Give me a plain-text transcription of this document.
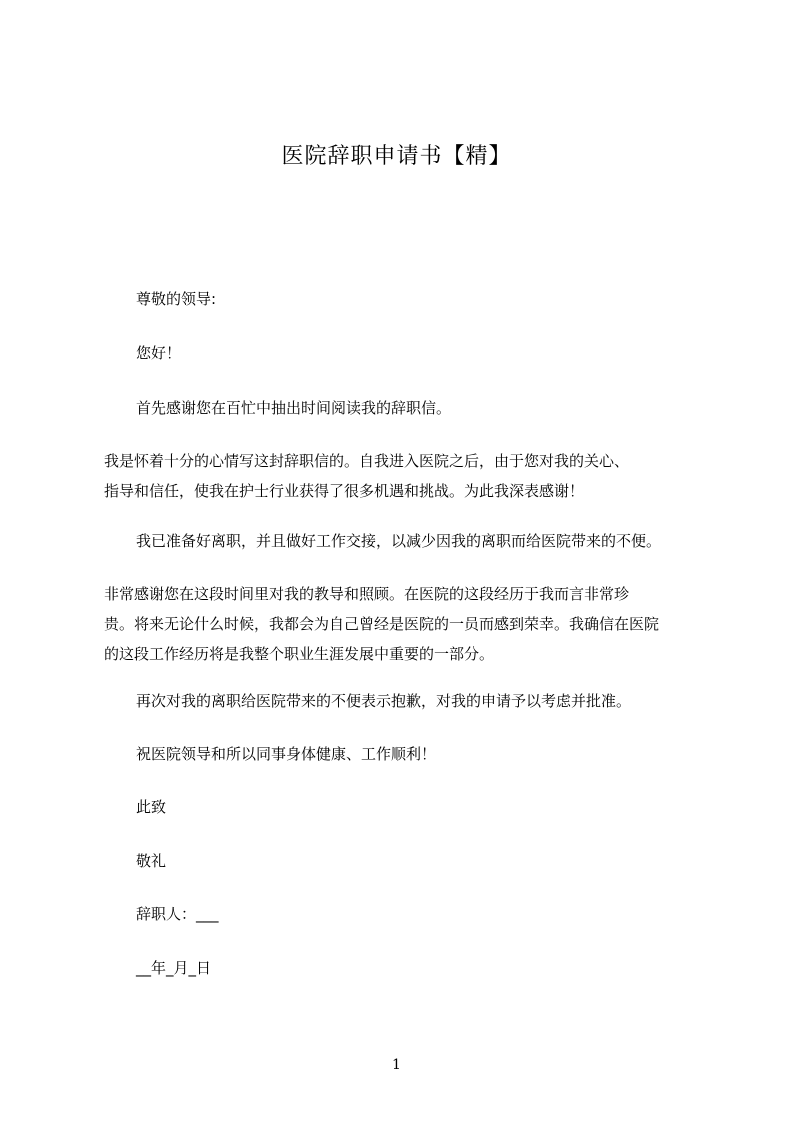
医院辞职申请书【精】
尊敬的领导:
您好！
首先感谢您在百忙中抽出时间阅读我的辞职信。
我是怀着十分的心情写这封辞职信的。自我进入医院之后，由于您对我的关心、
指导和信任，使我在护士行业获得了很多机遇和挑战。为此我深表感谢！
我已准备好离职，并且做好工作交接，以减少因我的离职而给医院带来的不便。
非常感谢您在这段时间里对我的教导和照顾。在医院的这段经历于我而言非常珍
贵。将来无论什么时候，我都会为自己曾经是医院的一员而感到荣幸。我确信在医院
的这段工作经历将是我整个职业生涯发展中重要的一部分。
再次对我的离职给医院带来的不便表示抱歉，对我的申请予以考虑并批准。
祝医院领导和所以同事身体健康、工作顺利！
此致
敬礼
辞职人：___
__年_月_日
1
